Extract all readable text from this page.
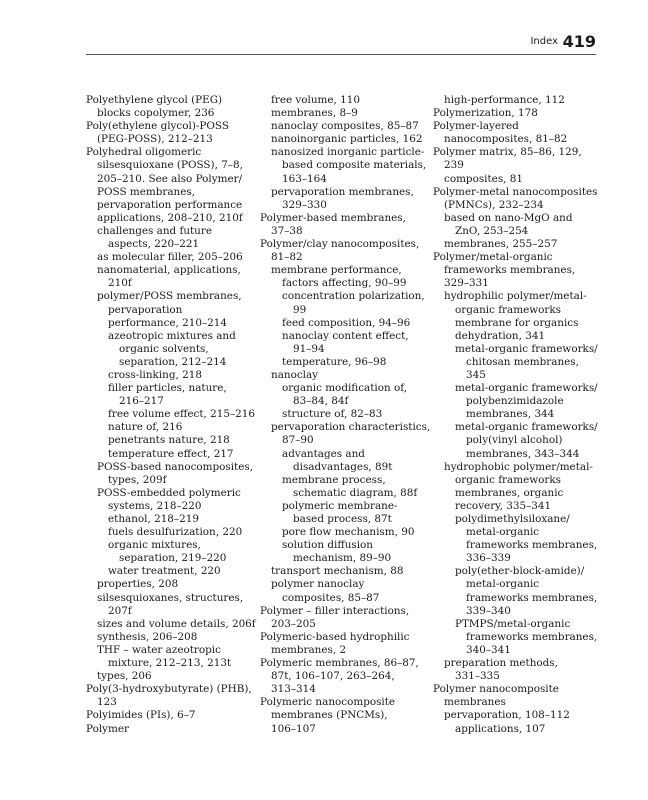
Index 419
Polyethylene glycol (PEG)
blocks copolymer, 236
Poly(ethylene glycol)-POSS
(PEG-POSS), 212–213
Polyhedral oligomeric
silsesquioxane (POSS), 7–8,
205–210. See also Polymer/
POSS membranes,
pervaporation performance
applications, 208–210, 210f
challenges and future
aspects, 220–221
as molecular filler, 205–206
nanomaterial, applications,
210f
polymer/POSS membranes,
pervaporation
performance, 210–214
azeotropic mixtures and
organic solvents,
separation, 212–214
cross-linking, 218
filler particles, nature,
216–217
free volume effect, 215–216
nature of, 216
penetrants nature, 218
temperature effect, 217
POSS-based nanocomposites,
types, 209f
POSS-embedded polymeric
systems, 218–220
ethanol, 218–219
fuels desulfurization, 220
organic mixtures,
separation, 219–220
water treatment, 220
properties, 208
silsesquioxanes, structures,
207f
sizes and volume details, 206f
synthesis, 206–208
THF – water azeotropic
mixture, 212–213, 213t
types, 206
Poly(3-hydroxybutyrate) (PHB),
123
Polyimides (PIs), 6–7
Polymer
free volume, 110
membranes, 8–9
nanoclay composites, 85–87
nanoinorganic particles, 162
nanosized inorganic particle-
based composite materials,
163–164
pervaporation membranes,
329–330
Polymer-based membranes,
37–38
Polymer/clay nanocomposites,
81–82
membrane performance,
factors affecting, 90–99
concentration polarization,
99
feed composition, 94–96
nanoclay content effect,
91–94
temperature, 96–98
nanoclay
organic modification of,
83–84, 84f
structure of, 82–83
pervaporation characteristics,
87–90
advantages and
disadvantages, 89t
membrane process,
schematic diagram, 88f
polymeric membrane-
based process, 87t
pore flow mechanism, 90
solution diffusion
mechanism, 89–90
transport mechanism, 88
polymer nanoclay
composites, 85–87
Polymer – filler interactions,
203–205
Polymeric-based hydrophilic
membranes, 2
Polymeric membranes, 86–87,
87t, 106–107, 263–264,
313–314
Polymeric nanocomposite
membranes (PNCMs),
106–107
high-performance, 112
Polymerization, 178
Polymer-layered
nanocomposites, 81–82
Polymer matrix, 85–86, 129,
239
composites, 81
Polymer-metal nanocomposites
(PMNCs), 232–234
based on nano-MgO and
ZnO, 253–254
membranes, 255–257
Polymer/metal-organic
frameworks membranes,
329–331
hydrophilic polymer/metal-
organic frameworks
membrane for organics
dehydration, 341
metal-organic frameworks/
chitosan membranes,
345
metal-organic frameworks/
polybenzimidazole
membranes, 344
metal-organic frameworks/
poly(vinyl alcohol)
membranes, 343–344
hydrophobic polymer/metal-
organic frameworks
membranes, organic
recovery, 335–341
polydimethylsiloxane/
metal-organic
frameworks membranes,
336–339
poly(ether-block-amide)/
metal-organic
frameworks membranes,
339–340
PTMPS/metal-organic
frameworks membranes,
340–341
preparation methods,
331–335
Polymer nanocomposite
membranes
pervaporation, 108–112
applications, 107
